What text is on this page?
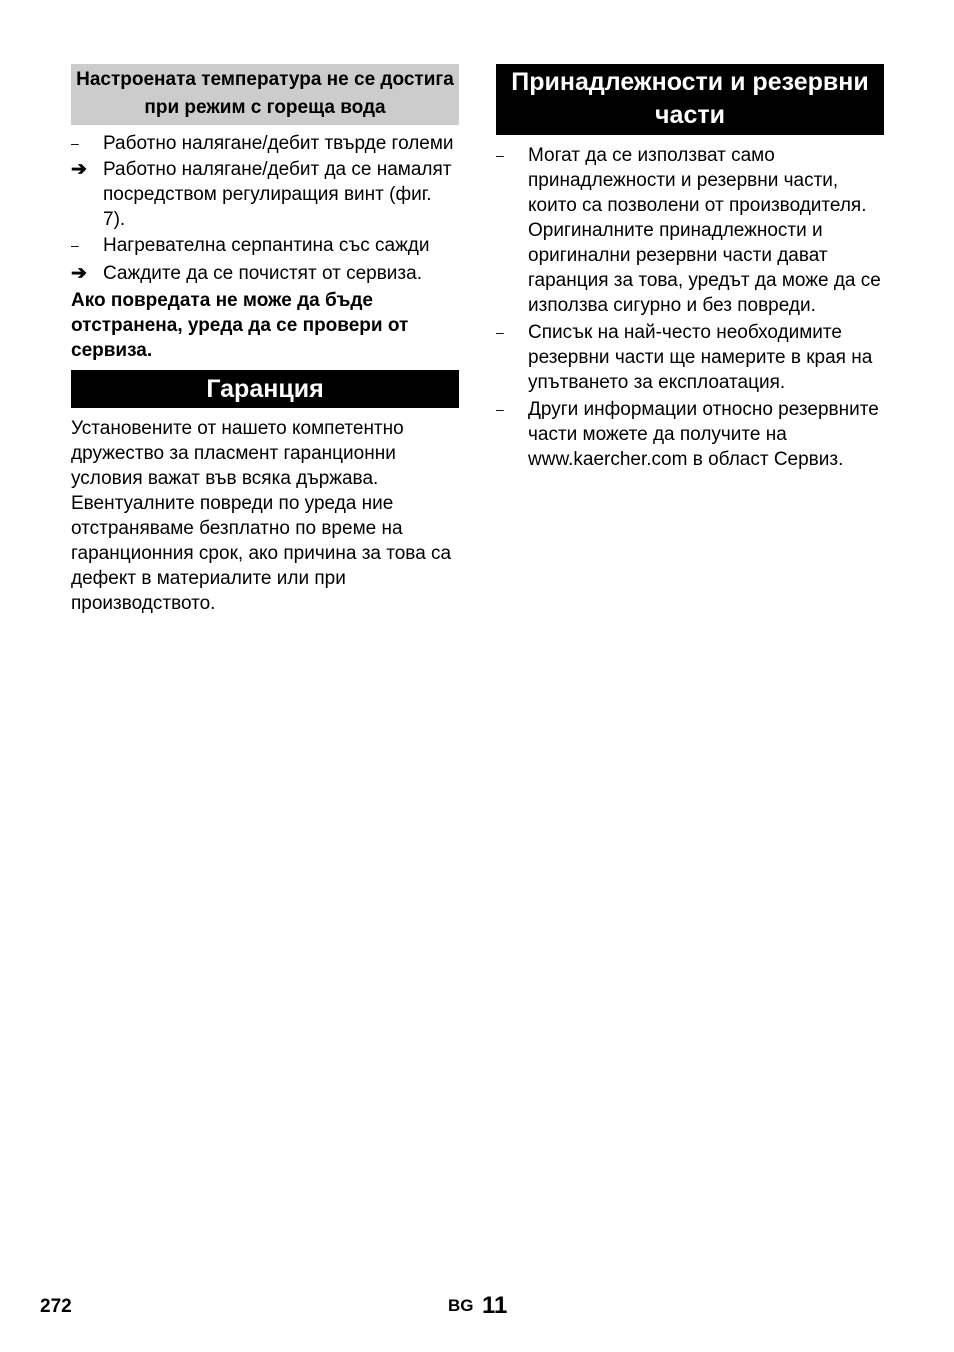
Настроената температура не се достига при режим с гореща вода
–	Работно налягане/дебит твърде големи
➔ Работно налягане/дебит да се намалят посредством регулиращия винт (фиг. 7).
–	Нагревателна серпантина със сажди
➔ Саждите да се почистят от сервиза.
Ако повредата не може да бъде отстранена, уреда да се провери от сервиза.
Гаранция
Установените от нашето компетентно дружество за пласмент гаранционни условия важат във всяка държава. Евентуалните повреди по уреда ние отстраняваме безплатно по време на гаранционния срок, ако причина за това са дефект в материалите или при производството.
Принадлежности и резервни части
–	Могат да се използват само принадлежности и резервни части, които са позволени от производителя. Оригиналните принадлежности и оригинални резервни части дават гаранция за това, уредът да може да се използва сигурно и без повреди.
–	Списък на най-често необходимите резервни части ще намерите в края на упътването за експлоатация.
–	Други информации относно резервните части можете да получите на www.kaercher.com в област Сервиз.
272	BG 11
